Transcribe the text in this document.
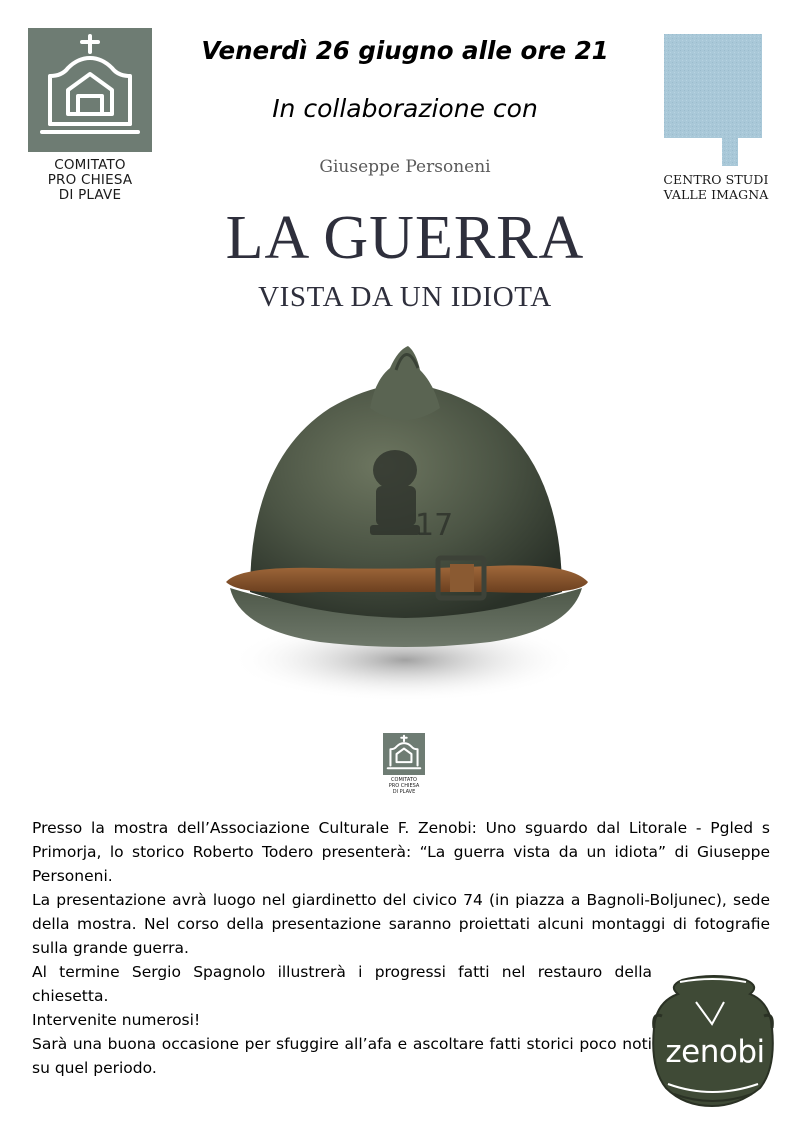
COMITATO
PRO CHIESA
DI PLAVE
Venerdì 26 giugno alle ore 21
In collaborazione con
CENTRO STUDI
VALLE IMAGNA
Giuseppe Personeni
LA GUERRA
VISTA DA UN IDIOTA
17
COMITATO
PRO CHIESA
DI PLAVE

Presso la mostra dell’Associazione Culturale F. Zenobi: Uno sguardo dal Litorale - Pgled s Primorja, lo storico Roberto Todero presenterà: “La guerra vista da un idiota” di Giuseppe Personeni.

La presentazione avrà luogo nel giardinetto del civico 74 (in piazza a Bagnoli-Boljunec), sede della mostra. Nel corso della presentazione saranno proiettati alcuni montaggi di fotografie sulla grande guerra.

Al termine Sergio Spagnolo illustrerà i progressi fatti nel restauro della chiesetta.

Intervenite numerosi!

Sarà una buona occasione per sfuggire all’afa e ascoltare fatti storici poco noti su quel periodo.	zenobi
